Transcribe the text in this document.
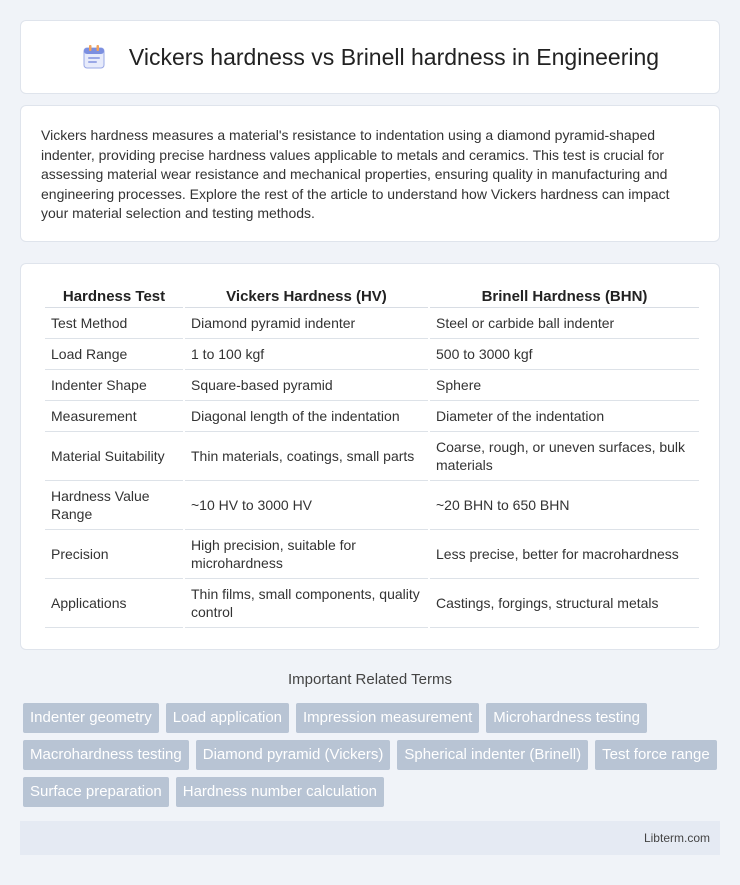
Vickers hardness vs Brinell hardness in Engineering

Vickers hardness measures a material's resistance to indentation using a diamond pyramid-shaped indenter, providing precise hardness values applicable to metals and ceramics. This test is crucial for assessing material wear resistance and mechanical properties, ensuring quality in manufacturing and engineering processes. Explore the rest of the article to understand how Vickers hardness can impact your material selection and testing methods.

Hardness Test	Vickers Hardness (HV)	Brinell Hardness (BHN)
Test Method	Diamond pyramid indenter	Steel or carbide ball indenter
Load Range	1 to 100 kgf	500 to 3000 kgf
Indenter Shape	Square-based pyramid	Sphere
Measurement	Diagonal length of the indentation	Diameter of the indentation
Material Suitability	Thin materials, coatings, small parts	Coarse, rough, or uneven surfaces, bulk materials
Hardness Value Range	~10 HV to 3000 HV	~20 BHN to 650 BHN
Precision	High precision, suitable for microhardness	Less precise, better for macrohardness
Applications	Thin films, small components, quality control	Castings, forgings, structural metals
Important Related Terms
Indenter geometry	Load application	Impression measurement	Microhardness testing
Macrohardness testing	Diamond pyramid (Vickers)	Spherical indenter (Brinell)	Test force range
Surface preparation	Hardness number calculation
Libterm.com
